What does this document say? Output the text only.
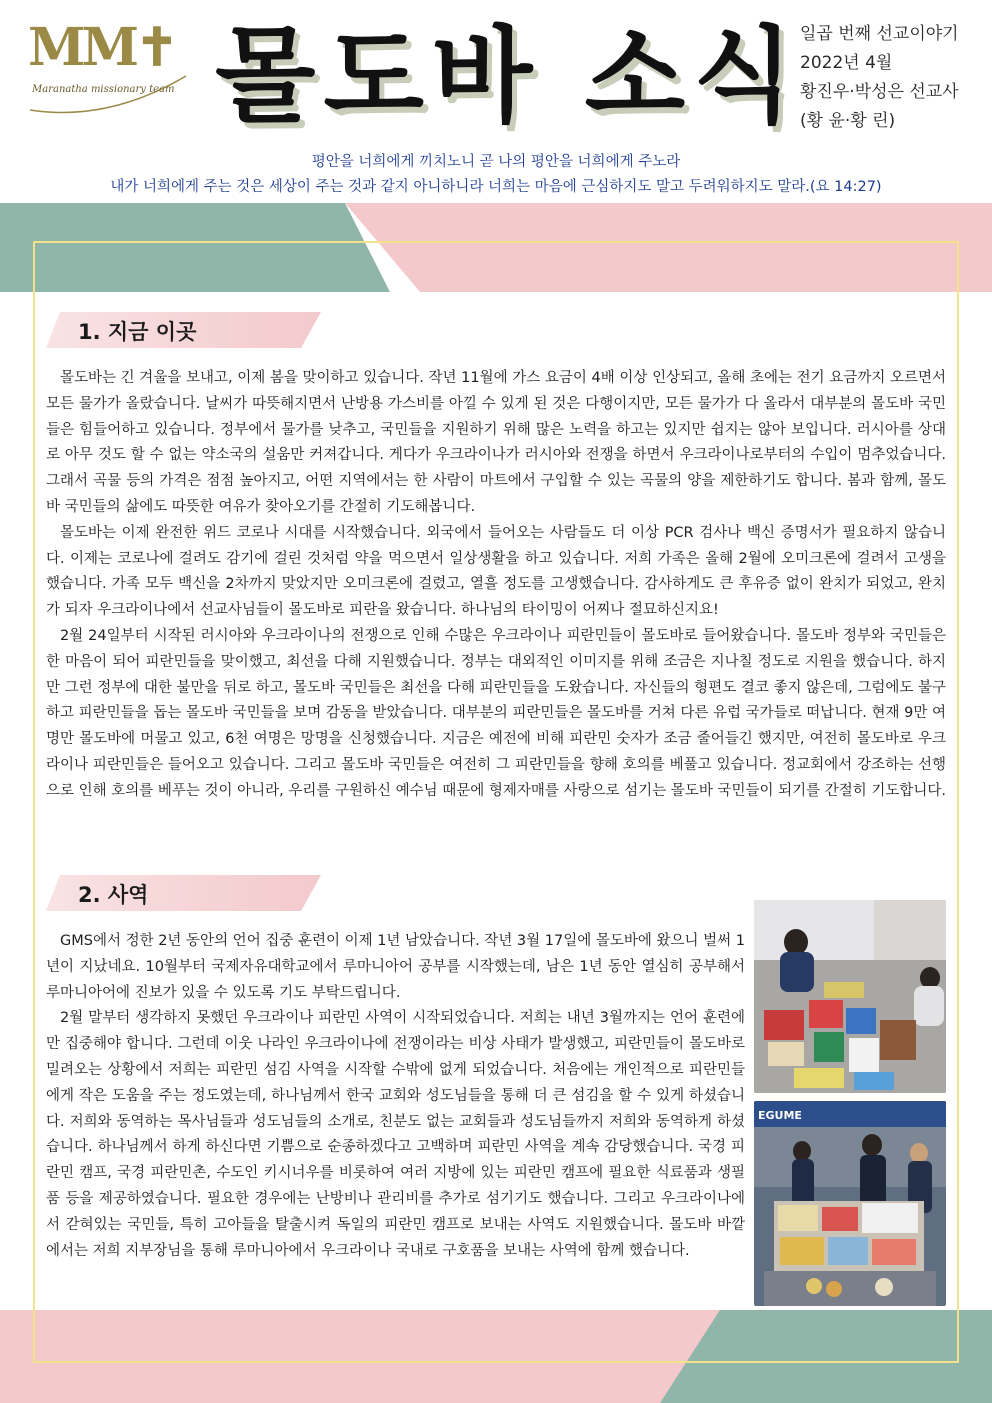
MM✝
Maranatha missionary team 몰도바 소식
일곱 번째 선교이야기
2022년 4월
황진우·박성은 선교사
(황 윤·황 린)
평안을 너희에게 끼치노니 곧 나의 평안을 너희에게 주노라
내가 너희에게 주는 것은 세상이 주는 것과 같지 아니하니라 너희는 마음에 근심하지도 말고 두려워하지도 말라.(요 14:27)
1. 지금 이곳

몰도바는 긴 겨울을 보내고, 이제 봄을 맞이하고 있습니다. 작년 11월에 가스 요금이 4배 이상 인상되고, 올해 초에는 전기 요금까지 오르면서 모든 물가가 올랐습니다. 날씨가 따뜻해지면서 난방용 가스비를 아낄 수 있게 된 것은 다행이지만, 모든 물가가 다 올라서 대부분의 몰도바 국민들은 힘들어하고 있습니다. 정부에서 물가를 낮추고, 국민들을 지원하기 위해 많은 노력을 하고는 있지만 쉽지는 않아 보입니다. 러시아를 상대로 아무 것도 할 수 없는 약소국의 설움만 커져갑니다. 게다가 우크라이나가 러시아와 전쟁을 하면서 우크라이나로부터의 수입이 멈추었습니다. 그래서 곡물 등의 가격은 점점 높아지고, 어떤 지역에서는 한 사람이 마트에서 구입할 수 있는 곡물의 양을 제한하기도 합니다. 봄과 함께, 몰도바 국민들의 삶에도 따뜻한 여유가 찾아오기를 간절히 기도해봅니다.

몰도바는 이제 완전한 위드 코로나 시대를 시작했습니다. 외국에서 들어오는 사람들도 더 이상 PCR 검사나 백신 증명서가 필요하지 않습니다. 이제는 코로나에 걸려도 감기에 걸린 것처럼 약을 먹으면서 일상생활을 하고 있습니다. 저희 가족은 올해 2월에 오미크론에 걸려서 고생을 했습니다. 가족 모두 백신을 2차까지 맞았지만 오미크론에 걸렸고, 열흘 정도를 고생했습니다. 감사하게도 큰 후유증 없이 완치가 되었고, 완치가 되자 우크라이나에서 선교사님들이 몰도바로 피란을 왔습니다. 하나님의 타이밍이 어찌나 절묘하신지요!

2월 24일부터 시작된 러시아와 우크라이나의 전쟁으로 인해 수많은 우크라이나 피란민들이 몰도바로 들어왔습니다. 몰도바 정부와 국민들은 한 마음이 되어 피란민들을 맞이했고, 최선을 다해 지원했습니다. 정부는 대외적인 이미지를 위해 조금은 지나칠 정도로 지원을 했습니다. 하지만 그런 정부에 대한 불만을 뒤로 하고, 몰도바 국민들은 최선을 다해 피란민들을 도왔습니다. 자신들의 형편도 결코 좋지 않은데, 그럼에도 불구하고 피란민들을 돕는 몰도바 국민들을 보며 감동을 받았습니다. 대부분의 피란민들은 몰도바를 거쳐 다른 유럽 국가들로 떠납니다. 현재 9만 여명만 몰도바에 머물고 있고, 6천 여명은 망명을 신청했습니다. 지금은 예전에 비해 피란민 숫자가 조금 줄어들긴 했지만, 여전히 몰도바로 우크라이나 피란민들은 들어오고 있습니다. 그리고 몰도바 국민들은 여전히 그 피란민들을 향해 호의를 베풀고 있습니다. 정교회에서 강조하는 선행으로 인해 호의를 베푸는 것이 아니라, 우리를 구원하신 예수님 때문에 형제자매를 사랑으로 섬기는 몰도바 국민들이 되기를 간절히 기도합니다.

2. 사역

GMS에서 정한 2년 동안의 언어 집중 훈련이 이제 1년 남았습니다. 작년 3월 17일에 몰도바에 왔으니 벌써 1년이 지났네요. 10월부터 국제자유대학교에서 루마니아어 공부를 시작했는데, 남은 1년 동안 열심히 공부해서 루마니아어에 진보가 있을 수 있도록 기도 부탁드립니다.

2월 말부터 생각하지 못했던 우크라이나 피란민 사역이 시작되었습니다. 저희는 내년 3월까지는 언어 훈련에만 집중해야 합니다. 그런데 이웃 나라인 우크라이나에 전쟁이라는 비상 사태가 발생했고, 피란민들이 몰도바로 밀려오는 상황에서 저희는 피란민 섬김 사역을 시작할 수밖에 없게 되었습니다. 처음에는 개인적으로 피란민들에게 작은 도움을 주는 정도였는데, 하나님께서 한국 교회와 성도님들을 통해 더 큰 섬김을 할 수 있게 하셨습니다. 저희와 동역하는 목사님들과 성도님들의 소개로, 친분도 없는 교회들과 성도님들까지 저희와 동역하게 하셨습니다. 하나님께서 하게 하신다면 기쁨으로 순종하겠다고 고백하며 피란민 사역을 계속 감당했습니다. 국경 피란민 캠프, 국경 피란민촌, 수도인 키시너우를 비롯하여 여러 지방에 있는 피란민 캠프에 필요한 식료품과 생필품 등을 제공하였습니다. 필요한 경우에는 난방비나 관리비를 추가로 섬기기도 했습니다. 그리고 우크라이나에서 갇혀있는 국민들, 특히 고아들을 탈출시켜 독일의 피란민 캠프로 보내는 사역도 지원했습니다. 몰도바 바깥에서는 저희 지부장님을 통해 루마니아에서 우크라이나 국내로 구호품을 보내는 사역에 함께 했습니다.

EGUME
